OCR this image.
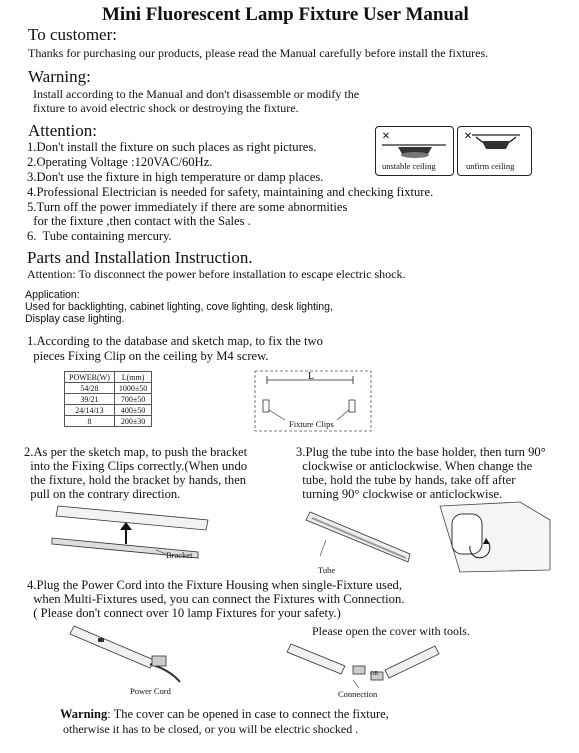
Mini Fluorescent Lamp Fixture User Manual
To customer:
Thanks for purchasing our products, please read the Manual carefully before install the fixtures.
Warning:
Install according to the Manual and don't disassemble or modify the
fixture to avoid electric shock or destroying the fixture.
Attention:
1.Don't install the fixture on such places as right pictures.
2.Operating Voltage :120VAC/60Hz.
3.Don't use the fixture in high temperature or damp places.
4.Professional Electrician is needed for safety, maintaining and checking fixture.
5.Turn off the power immediately if there are some abnormities
for the fixture ,then contact with the Sales .
6.  Tube containing mercury.
×
unstable ceiling
×
unfirm ceiling
Parts and Installation Instruction.
Attention: To disconnect the power before installation to escape electric shock.
Application:
Used for backlighting, cabinet lighting, cove lighting, desk lighting,
Display case lighting.
1.According to the database and sketch map, to fix the two
pieces Fixing Clip on the ceiling by M4 screw.
POWER(W)	L(mm)
54/28	1000±50
39/21	700±50
24/14/13	400±50
8	200±30
L
Fixture Clips
2.As per the sketch map, to push the bracket
into the Fixing Clips correctly.(When undo
the fixture, hold the bracket by hands, then
pull on the contrary direction.
Bracket
3.Plug the tube into the base holder, then turn 90°
clockwise or anticlockwise. When change the
tube, hold the tube by hands, take off after
turning 90° clockwise or anticlockwise.
Tube
4.Plug the Power Cord into the Fixture Housing when single-Fixture used,
when Multi-Fixtures used, you can connect the Fixtures with Connection.
( Please don't connect over 10 lamp Fixtures for your safety.)
Please open the cover with tools.
Power Cord
OR
Connection
Warning: The cover can be opened in case to connect the fixture,
otherwise it has to be closed, or you will be electric shocked .
